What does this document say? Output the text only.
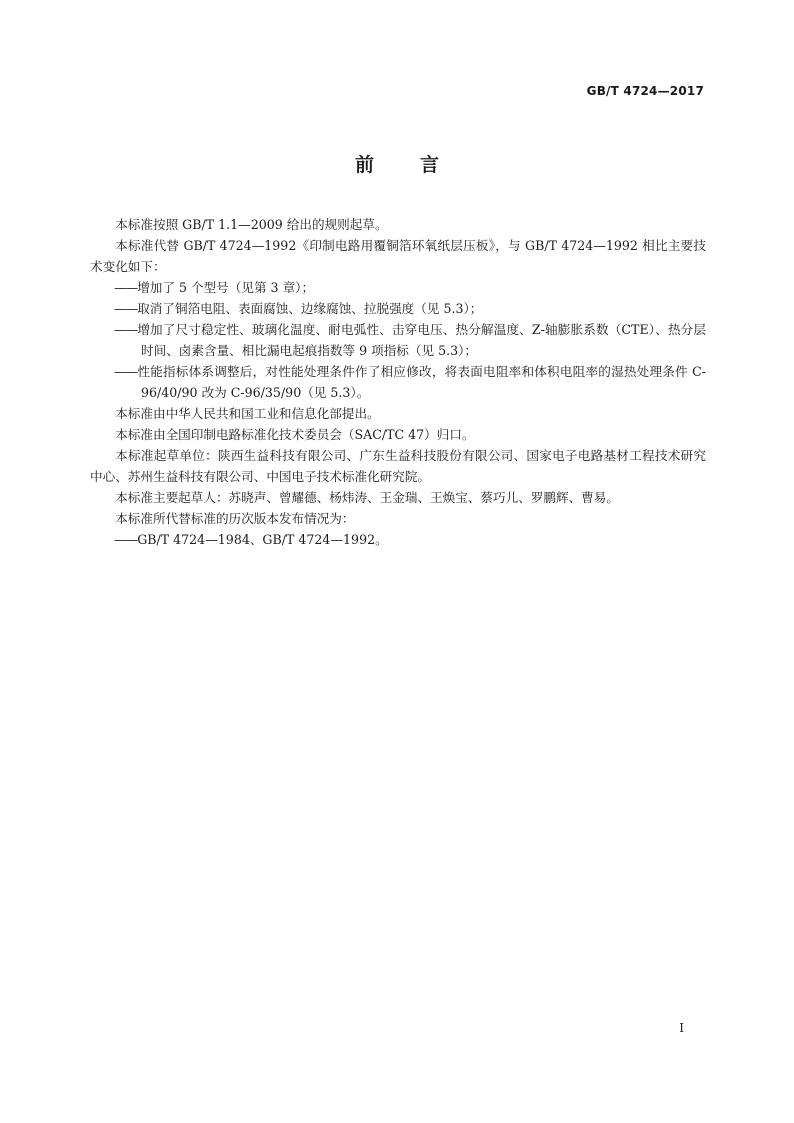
GB/T 4724—2017
前言

本标准按照 GB/T 1.1—2009 给出的规则起草。

本标准代替 GB/T 4724—1992《印制电路用覆铜箔环氧纸层压板》，与 GB/T 4724—1992 相比主要技术变化如下：

——增加了 5 个型号（见第 3 章）；

——取消了铜箔电阻、表面腐蚀、边缘腐蚀、拉脱强度（见 5.3）；

——增加了尺寸稳定性、玻璃化温度、耐电弧性、击穿电压、热分解温度、Z-轴膨胀系数（CTE）、热分层时间、卤素含量、相比漏电起痕指数等 9 项指标（见 5.3）；

——性能指标体系调整后，对性能处理条件作了相应修改，将表面电阻率和体积电阻率的湿热处理条件 C-96/40/90 改为 C-96/35/90（见 5.3）。

本标准由中华人民共和国工业和信息化部提出。

本标准由全国印制电路标准化技术委员会（SAC/TC 47）归口。

本标准起草单位：陕西生益科技有限公司、广东生益科技股份有限公司、国家电子电路基材工程技术研究中心、苏州生益科技有限公司、中国电子技术标准化研究院。

本标准主要起草人：苏晓声、曾耀德、杨炜涛、王金瑞、王焕宝、蔡巧儿、罗鹏辉、曹易。

本标准所代替标准的历次版本发布情况为：

——GB/T 4724—1984、GB/T 4724—1992。

I
